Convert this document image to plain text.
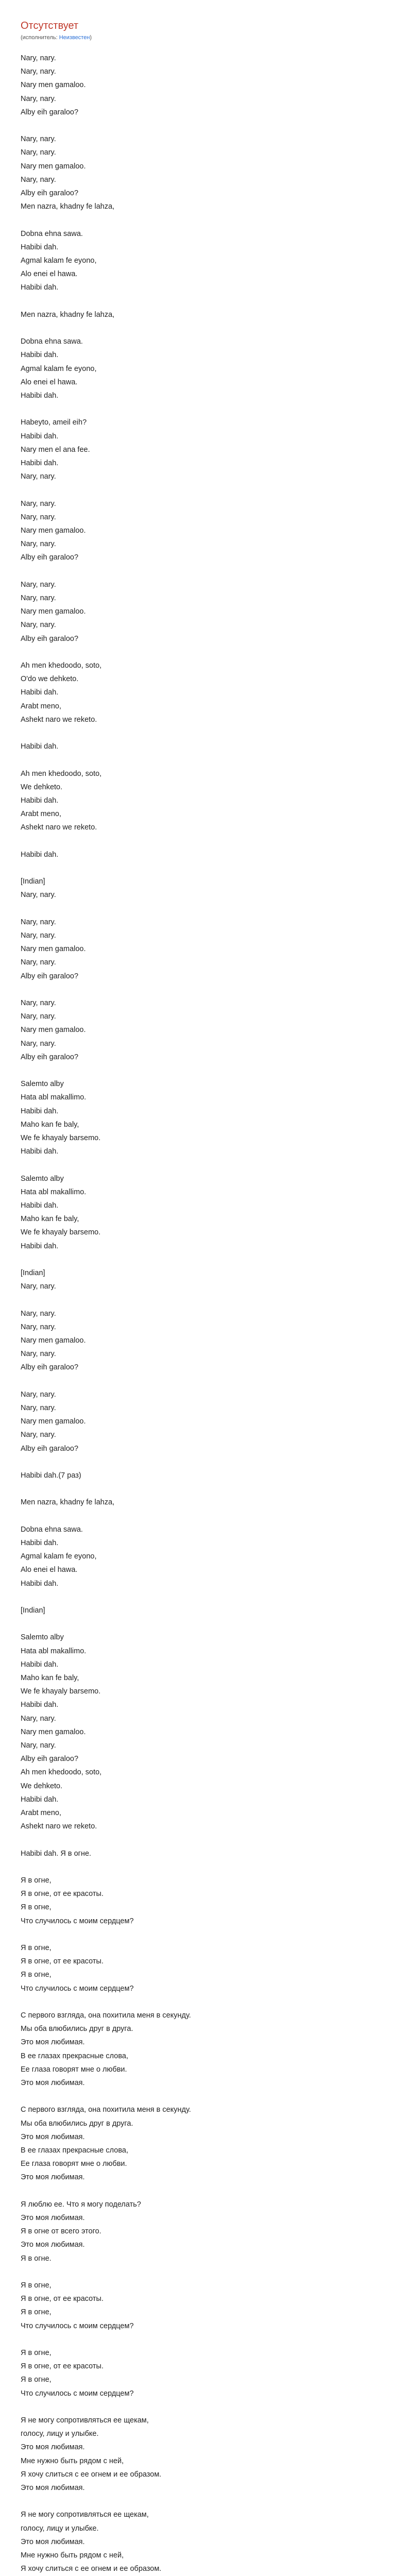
Отсутствует
(исполнитель: Неизвестен)
Nary, nary.
Nary, nary.
Nary men gamaloo.
Nary, nary.
Alby eih garaloo?
Nary, nary.
Nary, nary.
Nary men gamaloo.
Nary, nary.
Alby eih garaloo?
Men nazra, khadny fe lahza,
Dobna ehna sawa.
Habibi dah.
Agmal kalam fe eyono,
Alo enei el hawa.
Habibi dah.
Men nazra, khadny fe lahza,
Dobna ehna sawa.
Habibi dah.
Agmal kalam fe eyono,
Alo enei el hawa.
Habibi dah.
Habeyto, ameil eih?
Habibi dah.
Nary men el ana fee.
Habibi dah.
Nary, nary.
Nary, nary.
Nary, nary.
Nary men gamaloo.
Nary, nary.
Alby eih garaloo?
Nary, nary.
Nary, nary.
Nary men gamaloo.
Nary, nary.
Alby eih garaloo?
Ah men khedoodo, soto,
O'do we dehketo.
Habibi dah.
Arabt meno,
Ashekt naro we reketo.
Habibi dah.
Ah men khedoodo, soto,
We dehketo.
Habibi dah.
Arabt meno,
Ashekt naro we reketo.
Habibi dah.
[Indian]
Nary, nary.
Nary, nary.
Nary, nary.
Nary men gamaloo.
Nary, nary.
Alby eih garaloo?
Nary, nary.
Nary, nary.
Nary men gamaloo.
Nary, nary.
Alby eih garaloo?
Salemto alby
Hata abl makallimo.
Habibi dah.
Maho kan fe baly,
We fe khayaly barsemo.
Habibi dah.
Salemto alby
Hata abl makallimo.
Habibi dah.
Maho kan fe baly,
We fe khayaly barsemo.
Habibi dah.
[Indian]
Nary, nary.
Nary, nary.
Nary, nary.
Nary men gamaloo.
Nary, nary.
Alby eih garaloo?
Nary, nary.
Nary, nary.
Nary men gamaloo.
Nary, nary.
Alby eih garaloo?
Habibi dah.(7 раз)
Men nazra, khadny fe lahza,
Dobna ehna sawa.
Habibi dah.
Agmal kalam fe eyono,
Alo enei el hawa.
Habibi dah.
[Indian]
Salemto alby
Hata abl makallimo.
Habibi dah.
Maho kan fe baly,
We fe khayaly barsemo.
Habibi dah.
Nary, nary.
Nary men gamaloo.
Nary, nary.
Alby eih garaloo?
Ah men khedoodo, soto,
We dehketo.
Habibi dah.
Arabt meno,
Ashekt naro we reketo.
Habibi dah. Я в огне.
Я в огне,
Я в огне, от ее красоты.
Я в огне,
Что случилось с моим сердцем?
Я в огне,
Я в огне, от ее красоты.
Я в огне,
Что случилось с моим сердцем?
С первого взгляда, она похитила меня в секунду.
Мы оба влюбились друг в друга.
Это моя любимая.
В ее глазах прекрасные слова,
Ее глаза говорят мне о любви.
Это моя любимая.
С первого взгляда, она похитила меня в секунду.
Мы оба влюбились друг в друга.
Это моя любимая.
В ее глазах прекрасные слова,
Ее глаза говорят мне о любви.
Это моя любимая.
Я люблю ее. Что я могу поделать?
Это моя любимая.
Я в огне от всего этого.
Это моя любимая.
Я в огне.
Я в огне,
Я в огне, от ее красоты.
Я в огне,
Что случилось с моим сердцем?
Я в огне,
Я в огне, от ее красоты.
Я в огне,
Что случилось с моим сердцем?
Я не могу сопротивляться ее щекам,
голосу, лицу и улыбке.
Это моя любимая.
Мне нужно быть рядом с ней,
Я хочу слиться с ее огнем и ее образом.
Это моя любимая.
Я не могу сопротивляться ее щекам,
голосу, лицу и улыбке.
Это моя любимая.
Мне нужно быть рядом с ней,
Я хочу слиться с ее огнем и ее образом.
